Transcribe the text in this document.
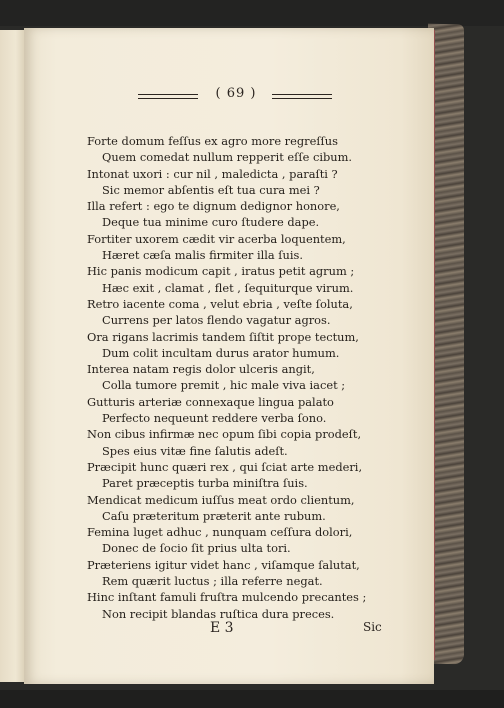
( 69 )
Forte domum feſſus ex agro more regreſſus
Quem comedat nullum repperit eſſe cibum.
Intonat uxori : cur nil , maledicta , paraſti ?
Sic memor abſentis eſt tua cura mei ?
Illa refert : ego te dignum dedignor honore,
Deque tua minime curo ſtudere dape.
Fortiter uxorem cædit vir acerba loquentem,
Hæret cæſa malis firmiter illa ſuis.
Hic panis modicum capit , iratus petit agrum ;
Hæc exit , clamat , flet , ſequiturque virum.
Retro iacente coma , velut ebria , veſte ſoluta,
Currens per latos flendo vagatur agros.
Ora rigans lacrimis tandem ſiſtit prope tectum,
Dum colit incultam durus arator humum.
Interea natam regis dolor ulceris angit,
Colla tumore premit , hic male viva iacet ;
Gutturis arteriæ connexaque lingua palato
Perfecto nequeunt reddere verba ſono.
Non cibus infirmæ nec opum ſibi copia prodeſt,
Spes eius vitæ fine ſalutis adeſt.
Præcipit hunc quæri rex , qui ſciat arte mederi,
Paret præceptis turba miniſtra ſuis.
Mendicat medicum iuſſus meat ordo clientum,
Caſu præteritum præterit ante rubum.
Femina luget adhuc , nunquam ceſſura dolori,
Donec de ſocio ſit prius ulta tori.
Præteriens igitur videt hanc , viſamque ſalutat,
Rem quærit luctus ; illa referre negat.
Hinc inſtant famuli fruſtra mulcendo precantes ;
Non recipit blandas ruſtica dura preces.
E 3	Sic
